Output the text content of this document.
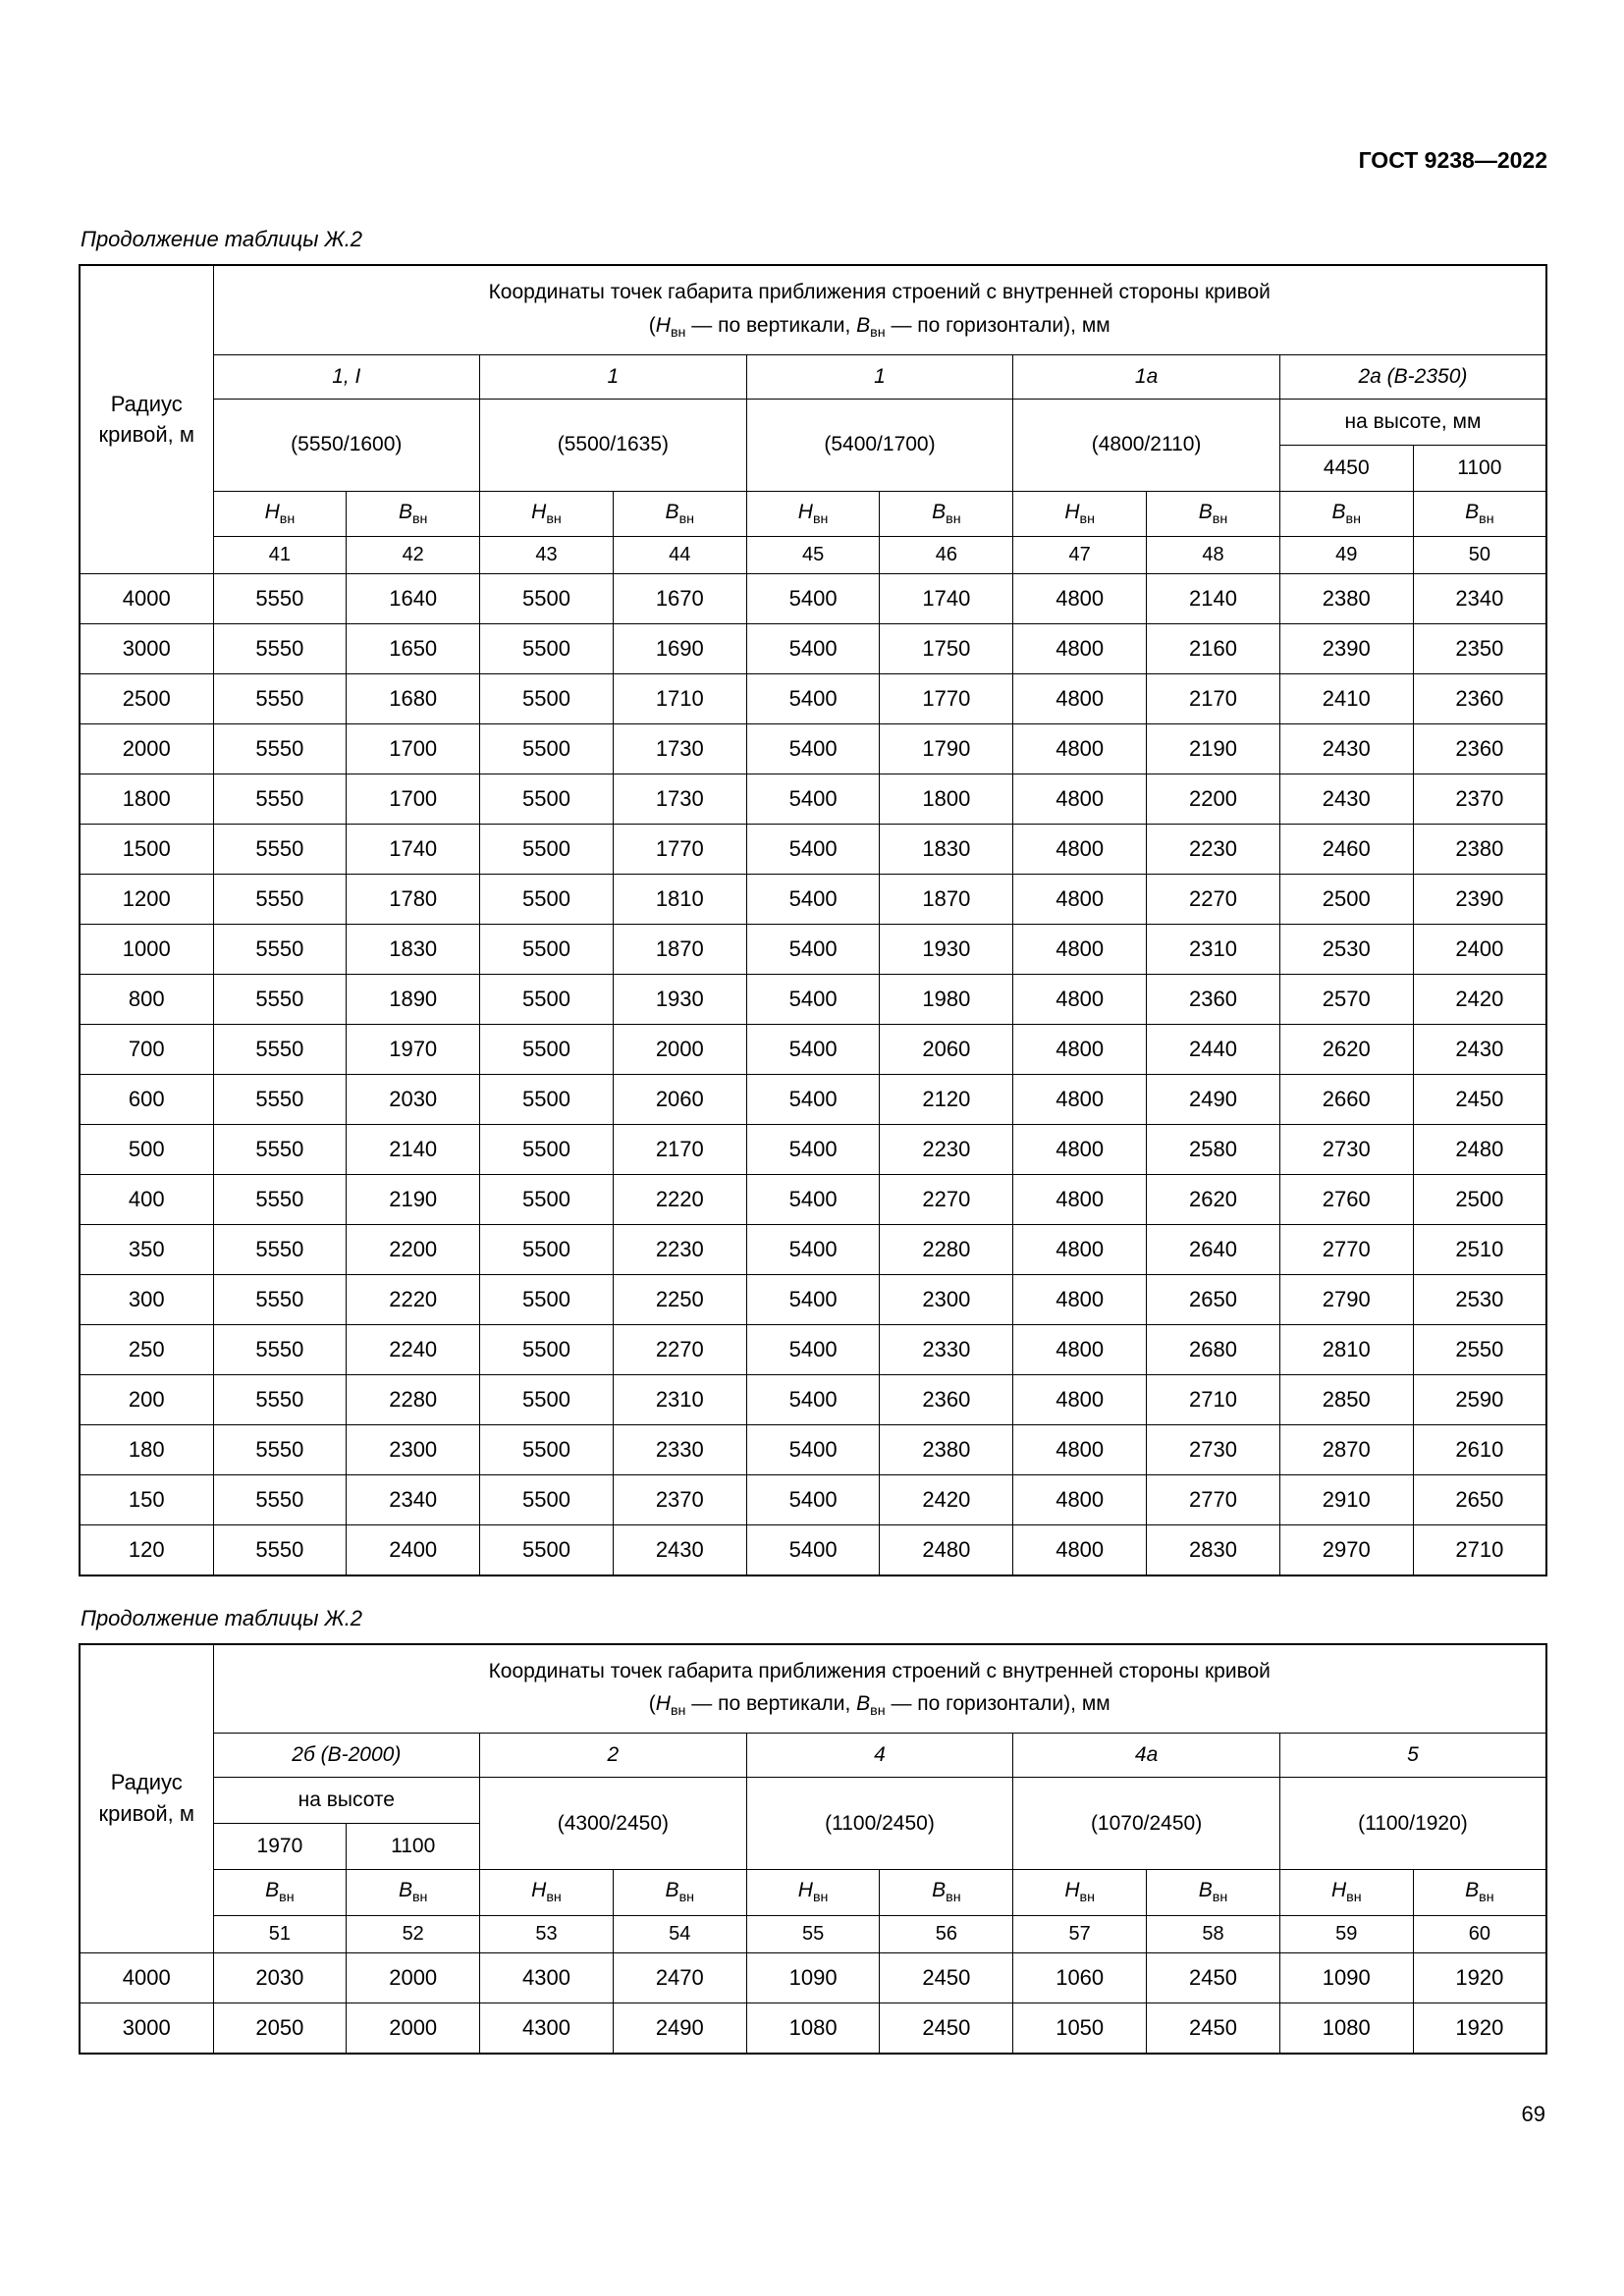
ГОСТ 9238—2022
Продолжение таблицы Ж.2
Радиус кривой, м	Координаты точек габарита приближения строений с внутренней стороны кривой
($Н_{вн}$ — по вертикали, $В_{вн}$ — по горизонтали), мм									
	1, I		1		1		1а		2а (В-2350)	
	(5550/1600)		(5500/1635)		(5400/1700)		(4800/2110)		на высоте, мм	
									4450	1100
	$Н_{вн}$	$В_{вн}$	$Н_{вн}$	$В_{вн}$	$Н_{вн}$	$В_{вн}$	$Н_{вн}$	$В_{вн}$	$В_{вн}$	$В_{вн}$
	41	42	43	44	45	46	47	48	49	50
4000	5550	1640	5500	1670	5400	1740	4800	2140	2380	2340
3000	5550	1650	5500	1690	5400	1750	4800	2160	2390	2350
2500	5550	1680	5500	1710	5400	1770	4800	2170	2410	2360
2000	5550	1700	5500	1730	5400	1790	4800	2190	2430	2360
1800	5550	1700	5500	1730	5400	1800	4800	2200	2430	2370
1500	5550	1740	5500	1770	5400	1830	4800	2230	2460	2380
1200	5550	1780	5500	1810	5400	1870	4800	2270	2500	2390
1000	5550	1830	5500	1870	5400	1930	4800	2310	2530	2400
800	5550	1890	5500	1930	5400	1980	4800	2360	2570	2420
700	5550	1970	5500	2000	5400	2060	4800	2440	2620	2430
600	5550	2030	5500	2060	5400	2120	4800	2490	2660	2450
500	5550	2140	5500	2170	5400	2230	4800	2580	2730	2480
400	5550	2190	5500	2220	5400	2270	4800	2620	2760	2500
350	5550	2200	5500	2230	5400	2280	4800	2640	2770	2510
300	5550	2220	5500	2250	5400	2300	4800	2650	2790	2530
250	5550	2240	5500	2270	5400	2330	4800	2680	2810	2550
200	5550	2280	5500	2310	5400	2360	4800	2710	2850	2590
180	5550	2300	5500	2330	5400	2380	4800	2730	2870	2610
150	5550	2340	5500	2370	5400	2420	4800	2770	2910	2650
120	5550	2400	5500	2430	5400	2480	4800	2830	2970	2710
Продолжение таблицы Ж.2
Радиус кривой, м	Координаты точек габарита приближения строений с внутренней стороны кривой
($Н_{вн}$ — по вертикали, $В_{вн}$ — по горизонтали), мм									
	2б (В-2000)		2		4		4а		5	
	на высоте		(4300/2450)		(1100/2450)		(1070/2450)		(1100/1920)	
	1970	1100								
	$В_{вн}$	$В_{вн}$	$Н_{вн}$	$В_{вн}$	$Н_{вн}$	$В_{вн}$	$Н_{вн}$	$В_{вн}$	$Н_{вн}$	$В_{вн}$
	51	52	53	54	55	56	57	58	59	60
4000	2030	2000	4300	2470	1090	2450	1060	2450	1090	1920
3000	2050	2000	4300	2490	1080	2450	1050	2450	1080	1920
69
